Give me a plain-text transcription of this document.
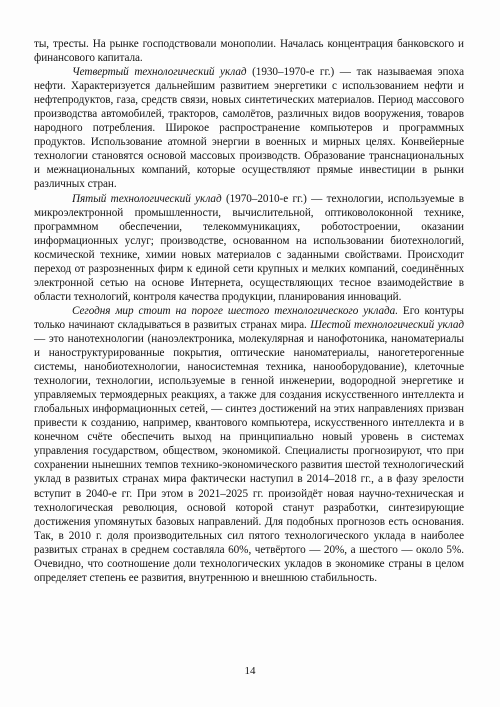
ты, тресты. На рынке господствовали монополии. Началась концентрация банковского и финансового капитала.

Четвертый технологический уклад (1930–1970-е гг.) — так называемая эпоха нефти. Характеризуется дальнейшим развитием энергетики с использованием нефти и нефтепродуктов, газа, средств связи, новых синтетических материалов. Период массового производства автомобилей, тракторов, самолётов, различных видов вооружения, товаров народного потребления. Широкое распространение компьютеров и программных продуктов. Использование атомной энергии в военных и мирных целях. Конвейерные технологии становятся основой массовых производств. Образование транснациональных и межнациональных компаний, которые осуществляют прямые инвестиции в рынки различных стран.

Пятый технологический уклад (1970–2010-е гг.) — технологии, используемые в микроэлектронной промышленности, вычислительной, оптиковолоконной технике, программном обеспечении, телекоммуникациях, роботостроении, оказании информационных услуг; производстве, основанном на использовании биотехнологий, космической технике, химии новых материалов с заданными свойствами. Происходит переход от разрозненных фирм к единой сети крупных и мелких компаний, соединённых электронной сетью на основе Интернета, осуществляющих тесное взаимодействие в области технологий, контроля качества продукции, планирования инноваций.

Сегодня мир стоит на пороге шестого технологического уклада. Его контуры только начинают складываться в развитых странах мира. Шестой технологический уклад — это нанотехнологии (наноэлектроника, молекулярная и нанофотоника, наноматериалы и наноструктурированные покрытия, оптические наноматериалы, наногетерогенные системы, нанобиотехнологии, наносистемная техника, нанооборудование), клеточные технологии, технологии, используемые в генной инженерии, водородной энергетике и управляемых термоядерных реакциях, а также для создания искусственного интеллекта и глобальных информационных сетей, — синтез достижений на этих направлениях призван привести к созданию, например, квантового компьютера, искусственного интеллекта и в конечном счёте обеспечить выход на принципиально новый уровень в системах управления государством, обществом, экономикой. Специалисты прогнозируют, что при сохранении нынешних темпов технико-экономического развития шестой технологический уклад в развитых странах мира фактически наступил в 2014–2018 гг., а в фазу зрелости вступит в 2040-е гг. При этом в 2021–2025 гг. произойдёт новая научно-техническая и технологическая революция, основой которой станут разработки, синтезирующие достижения упомянутых базовых направлений. Для подобных прогнозов есть основания. Так, в 2010 г. доля производительных сил пятого технологического уклада в наиболее развитых странах в среднем составляла 60%, четвёртого — 20%, а шестого — около 5%. Очевидно, что соотношение доли технологических укладов в экономике страны в целом определяет степень ее развития, внутреннюю и внешнюю стабильность.

14
